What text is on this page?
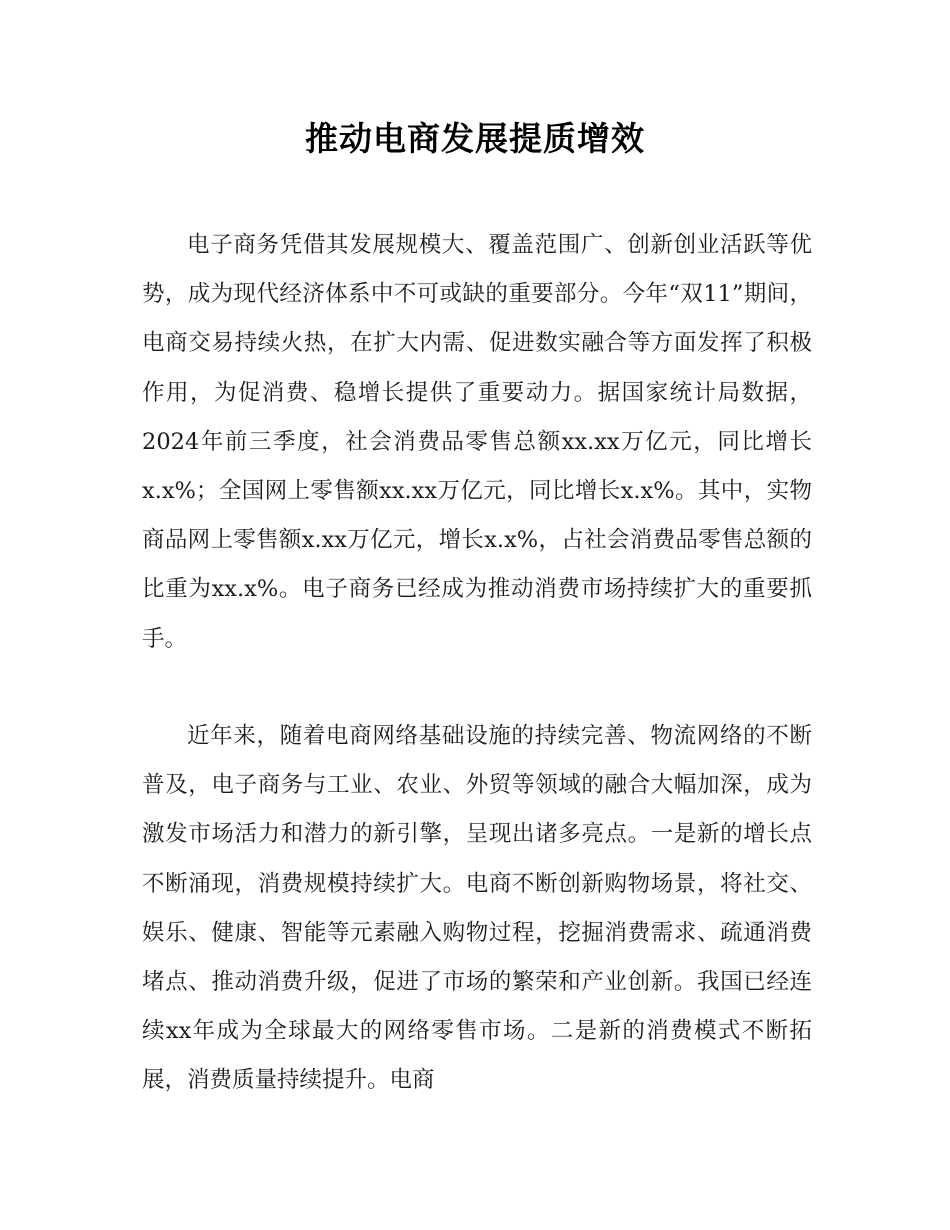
推动电商发展提质增效

电子商务凭借其发展规模大、覆盖范围广、创新创业活跃等优势，成为现代经济体系中不可或缺的重要部分。今年“双11”期间，电商交易持续火热，在扩大内需、促进数实融合等方面发挥了积极作用，为促消费、稳增长提供了重要动力。据国家统计局数据，2024年前三季度，社会消费品零售总额xx.xx万亿元，同比增长x.x%；全国网上零售额xx.xx万亿元，同比增长x.x%。其中，实物商品网上零售额x.xx万亿元，增长x.x%，占社会消费品零售总额的比重为xx.x%。电子商务已经成为推动消费市场持续扩大的重要抓手。

近年来，随着电商网络基础设施的持续完善、物流网络的不断普及，电子商务与工业、农业、外贸等领域的融合大幅加深，成为激发市场活力和潜力的新引擎，呈现出诸多亮点。一是新的增长点不断涌现，消费规模持续扩大。电商不断创新购物场景，将社交、娱乐、健康、智能等元素融入购物过程，挖掘消费需求、疏通消费堵点、推动消费升级，促进了市场的繁荣和产业创新。我国已经连续xx年成为全球最大的网络零售市场。二是新的消费模式不断拓展，消费质量持续提升。电商
